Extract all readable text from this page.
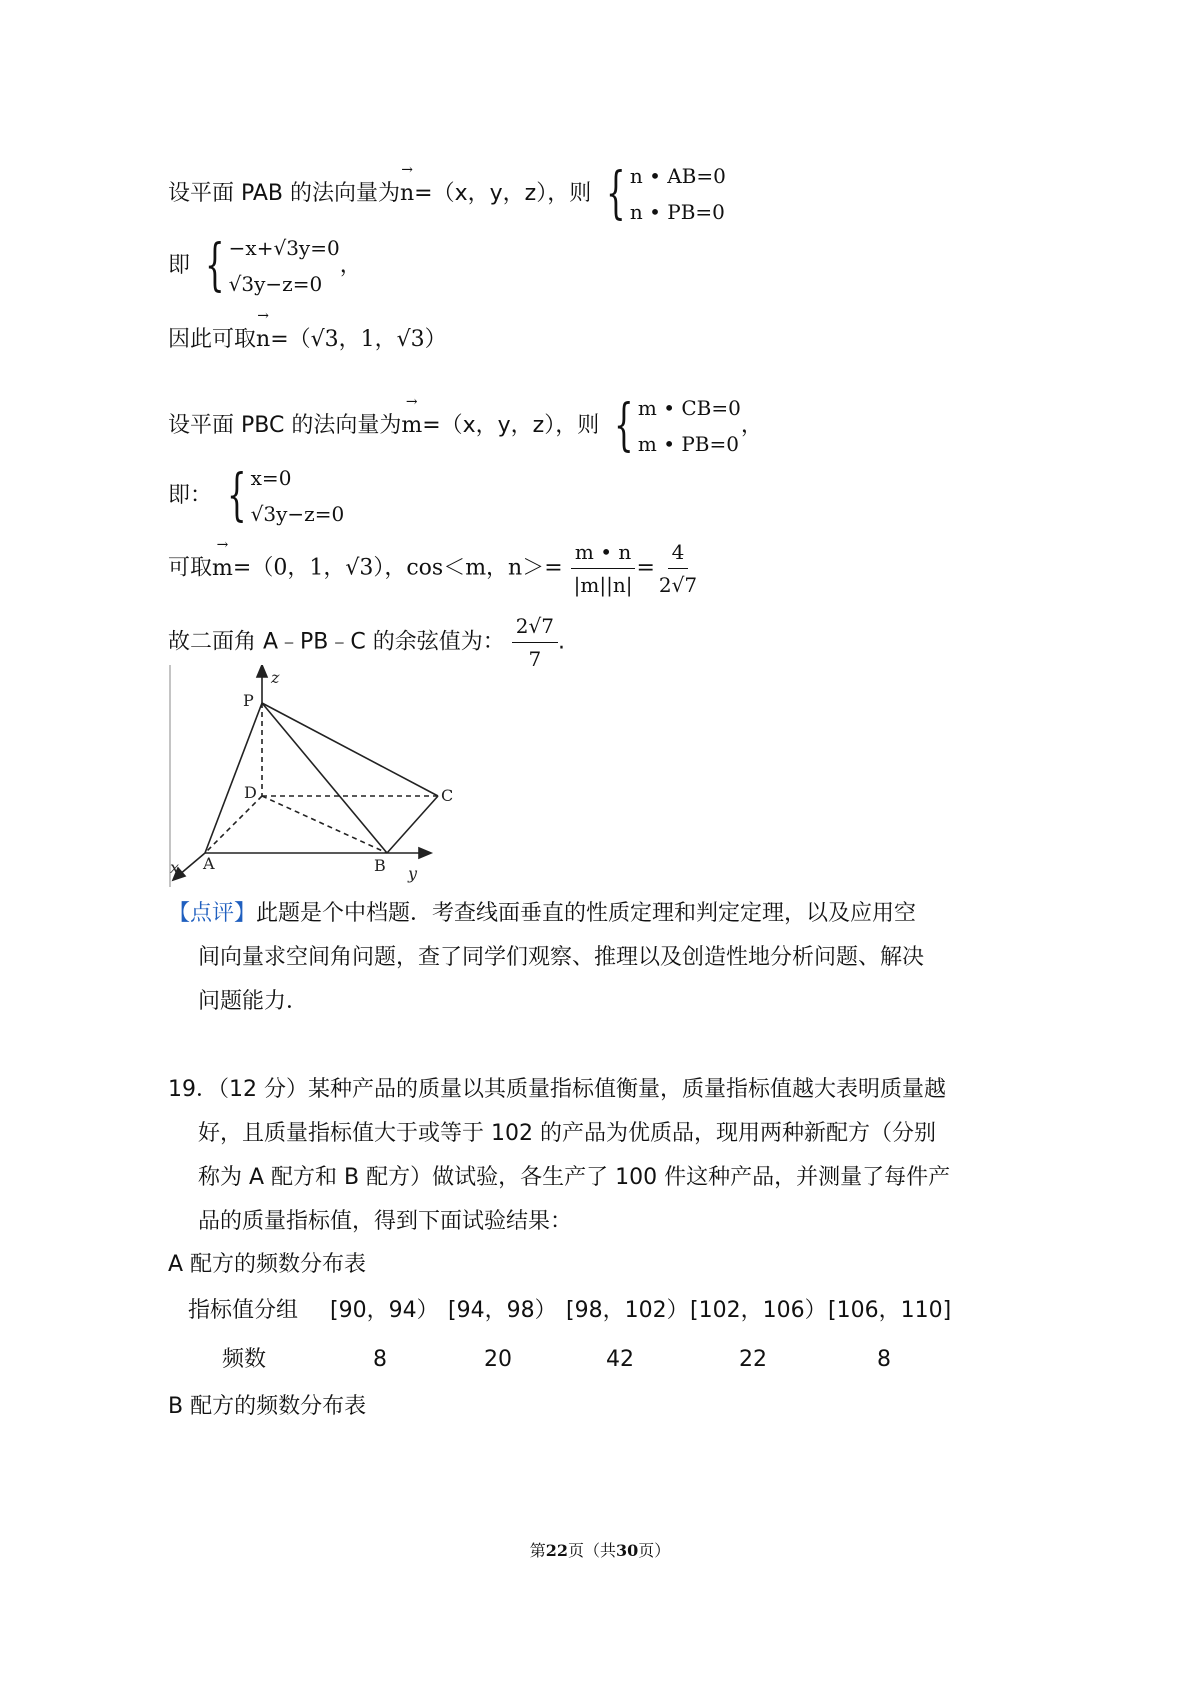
设平面 PAB 的法向量为→ n=（x，y，z），则 { n • AB=0
n • PB=0
即 { −x+√3y=0
√3y−z=0
，
因此可取→ n=（√3，1，√3）
设平面 PBC 的法向量为→ m=（x，y，z），则 { m • CB=0
m • PB=0
，
即： { x=0
√3y−z=0
可取→ m=（0，1，√3），cos＜m，$n>= \frac{m • n}{|m||n|} = \frac{4}{2√7}$
故二面角 A﹣PB﹣C 的余弦值为： $\frac{2√7}{7}$ .
z
P
D	C
A	B
x	y
【点评】此题是个中档题．考查线面垂直的性质定理和判定定理，以及应用空
间向量求空间角问题，查了同学们观察、推理以及创造性地分析问题、解决
问题能力．
19．（12 分）某种产品的质量以其质量指标值衡量，质量指标值越大表明质量越
好，且质量指标值大于或等于 102 的产品为优质品，现用两种新配方（分别
称为 A 配方和 B 配方）做试验，各生产了 100 件这种产品，并测量了每件产
品的质量指标值，得到下面试验结果：
A 配方的频数分布表
指标值分组 [90，94） [94，98） [98，102） [102，106） [106，110]
频数	8	20	42	22	8
B 配方的频数分布表
第22页（共30页）
